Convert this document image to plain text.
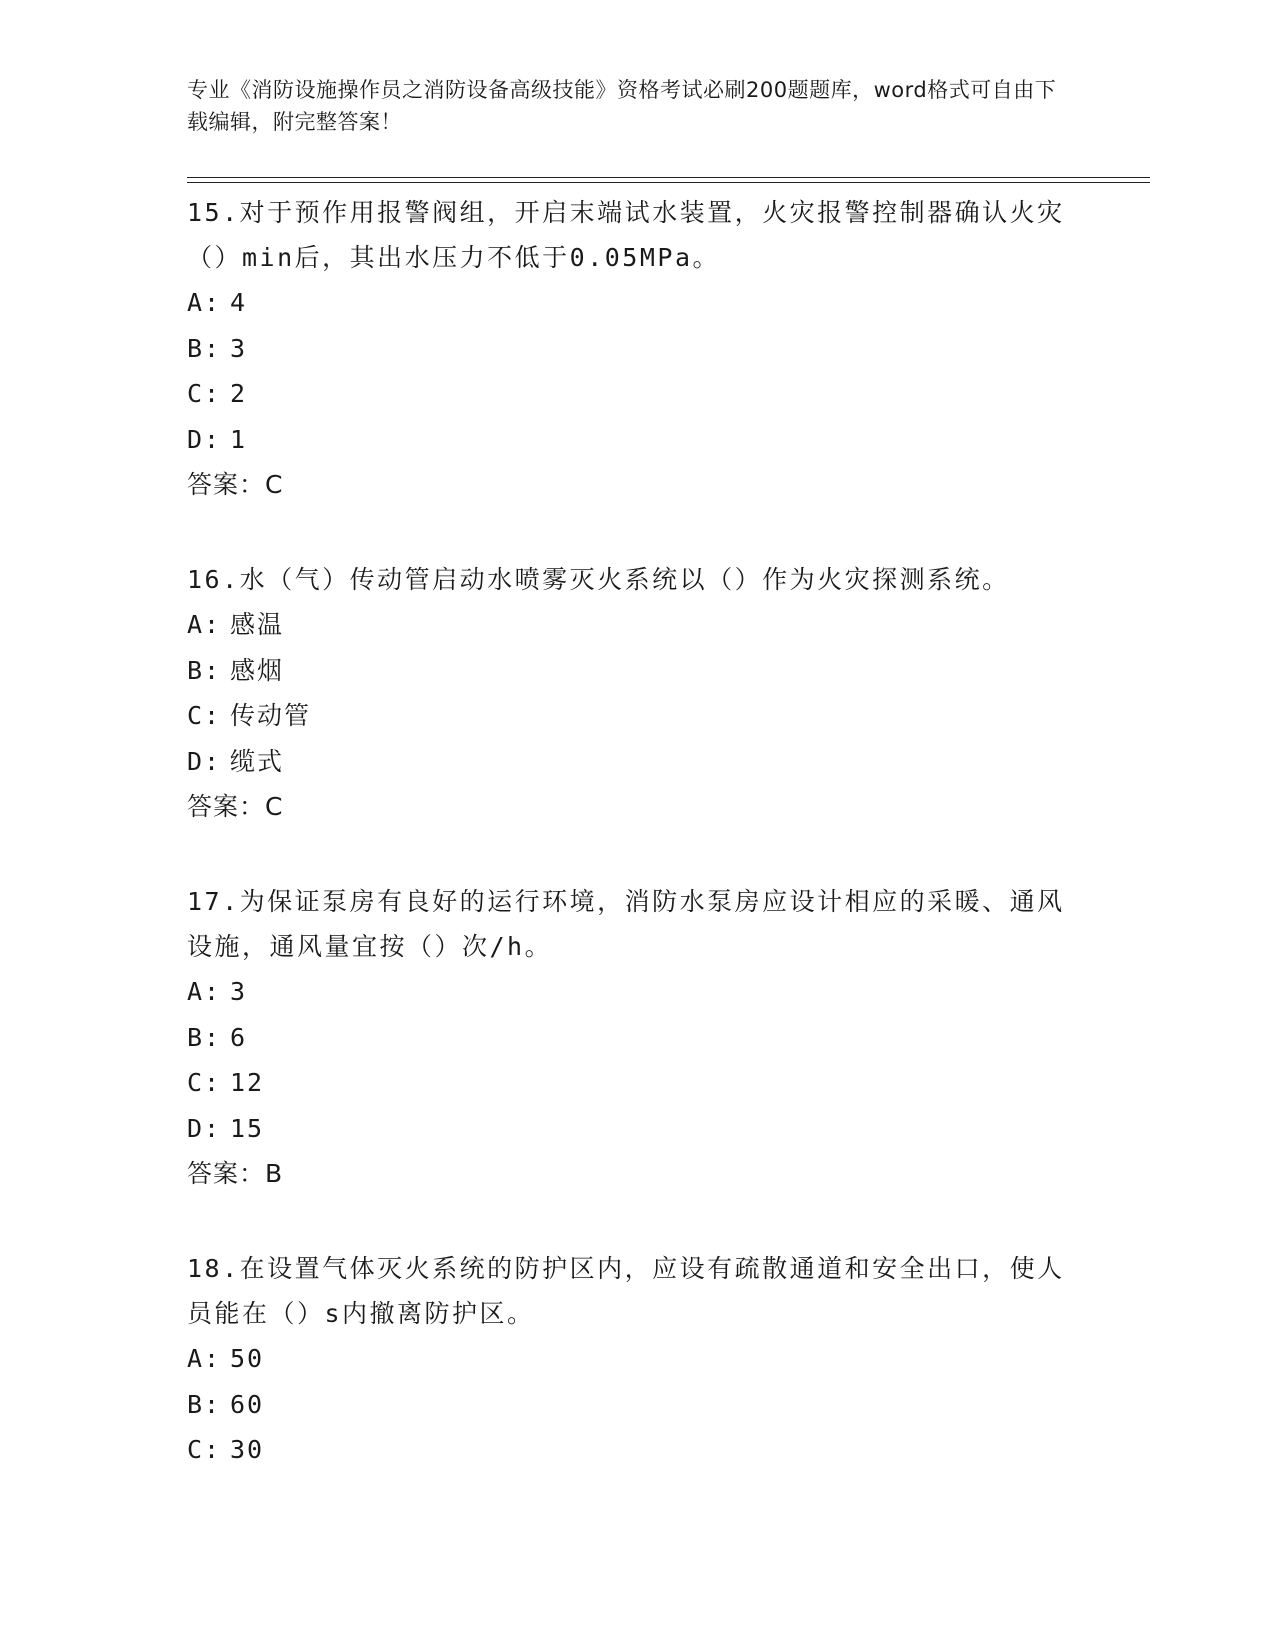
专业《消防设施操作员之消防设备高级技能》资格考试必刷200题题库，word格式可自由下载编辑，附完整答案！

15.对于预作用报警阀组，开启末端试水装置，火灾报警控制器确认火灾（）min后，其出水压力不低于0.05MPa。

A: 4
B: 3
C: 2
D: 1
答案：C

16.水（气）传动管启动水喷雾灭火系统以（）作为火灾探测系统。

A: 感温
B: 感烟
C: 传动管
D: 缆式
答案：C

17.为保证泵房有良好的运行环境，消防水泵房应设计相应的采暖、通风设施，通风量宜按（）次/h。

A: 3
B: 6
C: 12
D: 15
答案：B

18.在设置气体灭火系统的防护区内，应设有疏散通道和安全出口，使人员能在（）s内撤离防护区。

A: 50
B: 60
C: 30
